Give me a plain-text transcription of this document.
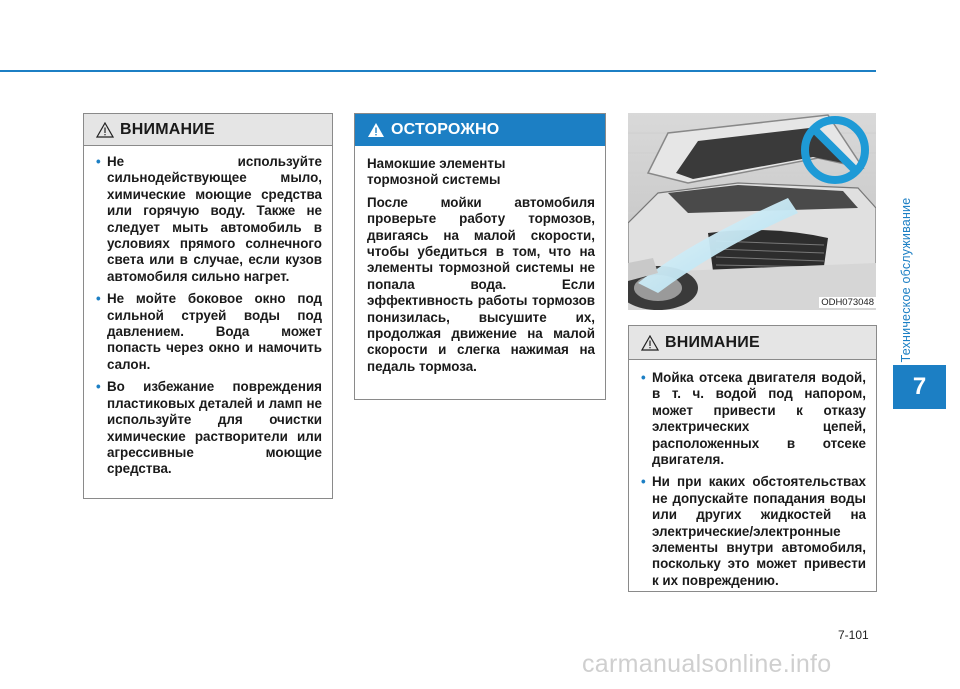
Техническое обслуживание
7
ВНИМАНИЕ
• Не используйте сильнодействующее мыло, химические моющие средства или горячую воду. Также не следует мыть автомобиль в условиях прямого солнечного света или в случае, если кузов автомобиля сильно нагрет.
• Не мойте боковое окно под сильной струей воды под давлением. Вода может попасть через окно и намочить салон.
• Во избежание повреждения пластиковых деталей и ламп не используйте для очистки химические растворители или агрессивные моющие средства.
ОСТОРОЖНО

Намокшие элементы тормозной системы

После мойки автомобиля проверьте работу тормозов, двигаясь на малой скорости, чтобы убедиться в том, что на элементы тормозной системы не попала вода. Если эффективность работы тормозов понизилась, высушите их, продолжая движение на малой скорости и слегка нажимая на педаль тормоза.

ODH073048
ВНИМАНИЕ
• Мойка отсека двигателя водой, в т. ч. водой под напором, может привести к отказу электрических цепей, расположенных в отсеке двигателя.
• Ни при каких обстоятельствах не допускайте попадания воды или других жидкостей на электрические/электронные элементы внутри автомобиля, поскольку это может привести к их повреждению.
7-101
carmanualsonline.info
